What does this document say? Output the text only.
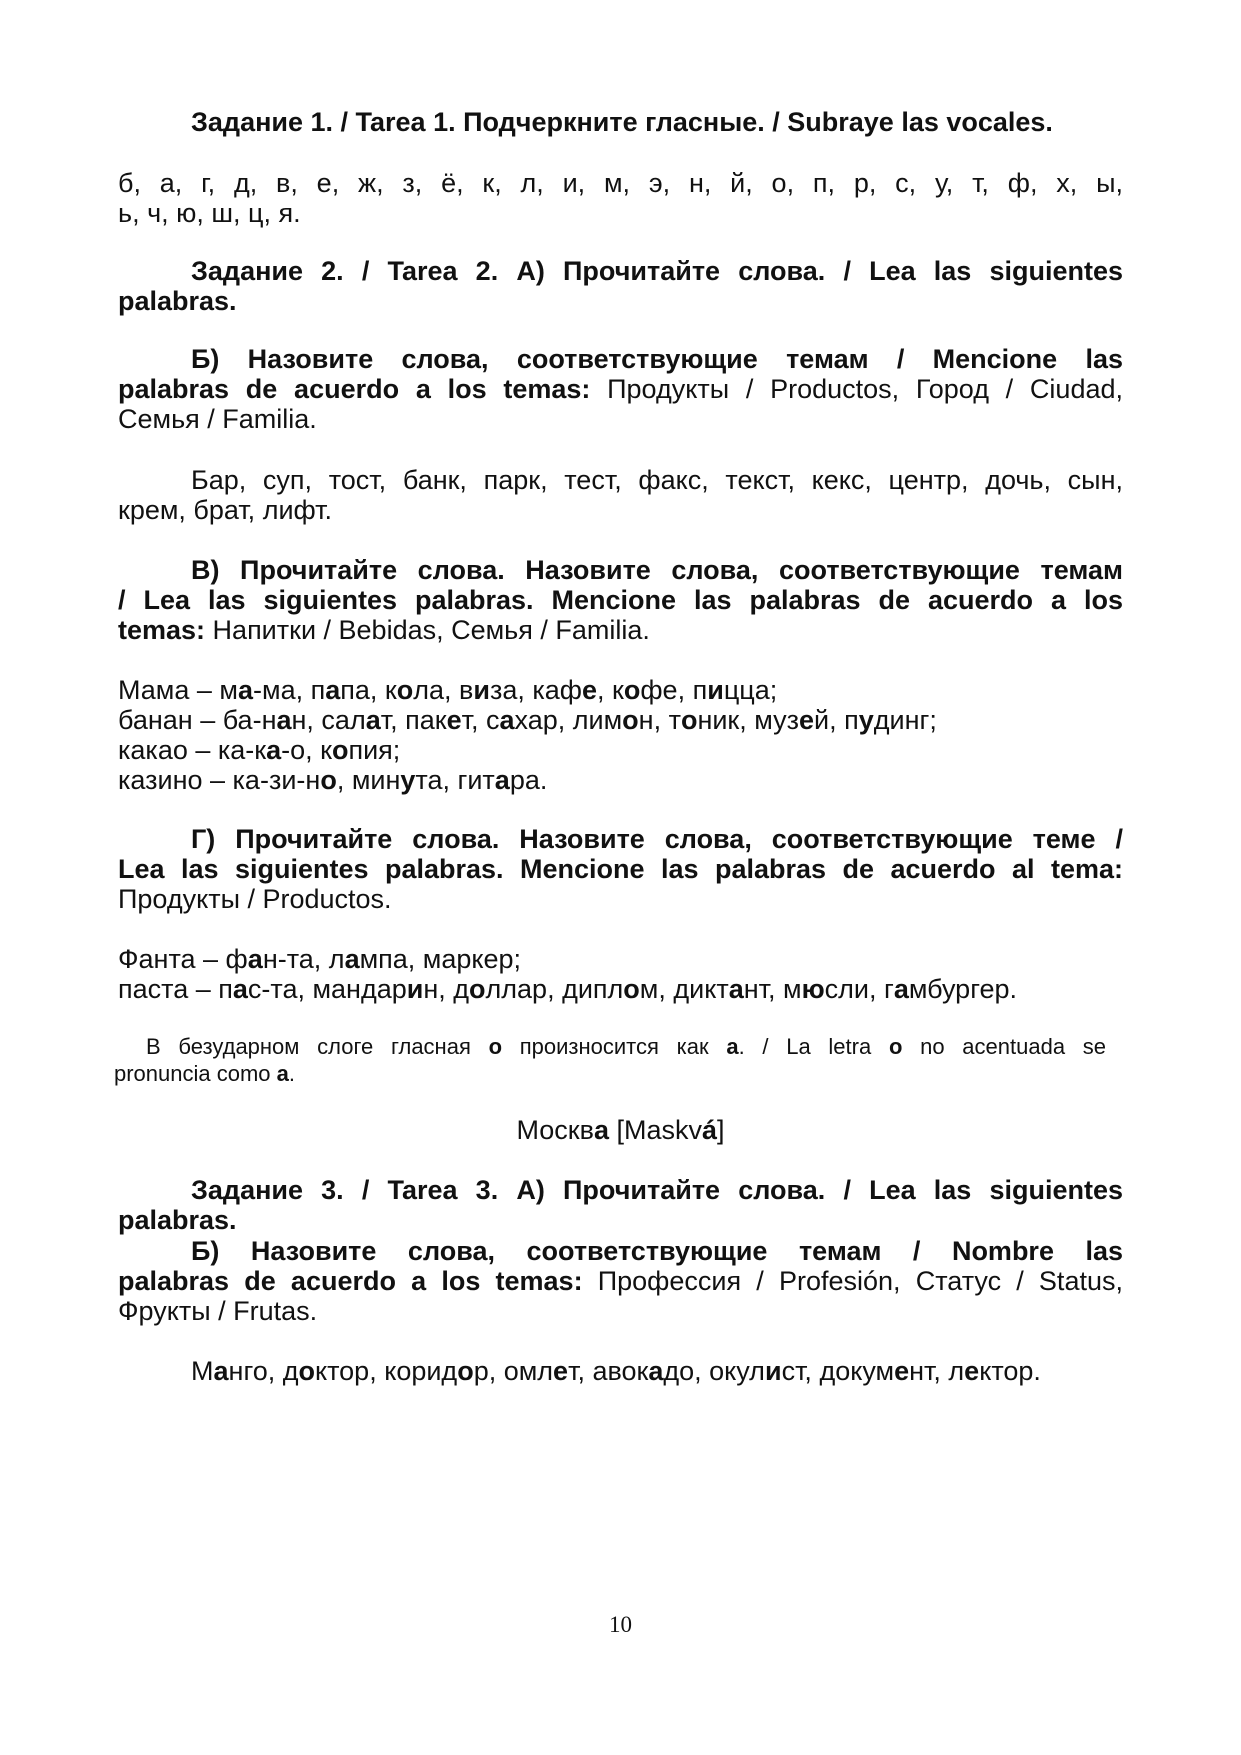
Задание 1. / Tarea 1. Подчеркните гласные. / Subraye las vocales.

б, а, г, д, в, е, ж, з, ё, к, л, и, м, э, н, й, о, п, р, с, у, т, ф, х, ы,

ь, ч, ю, ш, ц, я.

Задание 2. / Tarea 2. А) Прочитайте слова. / Lea las siguientes

palabras.

Б) Назовите слова, соответствующие темам / Mencione las

palabras de acuerdo a los temas: Продукты / Productos, Город / Ciudad,

Семья / Familia.

Бар, суп, тост, банк, парк, тест, факс, текст, кекс, центр, дочь, сын,

крем, брат, лифт.

В) Прочитайте слова. Назовите слова, соответствующие темам

/ Lea las siguientes palabras. Mencione las palabras de acuerdo a los

temas: Напитки / Bebidas, Семья / Familia.

Мама – ма-ма, папа, кола, виза, кафе, кофе, пицца;

банан – ба-нан, салат, пакет, сахар, лимон, тоник, музей, пудинг;

какао – ка-ка-о, копия;

казино – ка-зи-но, минута, гитара.

Г) Прочитайте слова. Назовите слова, соответствующие теме /

Lea las siguientes palabras. Mencione las palabras de acuerdo al tema:

Продукты / Productos.

Фанта – фан-та, лампа, маркер;

паста – пас-та, мандарин, доллар, диплом, диктант, мюсли, гамбургер.

В безударном слоге гласная о произносится как а. / La letra о no acentuada se

pronuncia como a.

Москва [Maskvá]

Задание 3. / Tarea 3. А) Прочитайте слова. / Lea las siguientes

palabras.

Б) Назовите слова, соответствующие темам / Nombre las

palabras de acuerdo a los temas: Профессия / Profesión, Статус / Status,

Фрукты / Frutas.

Манго, доктор, коридор, омлет, авокадо, окулист, документ, лектор.

10
